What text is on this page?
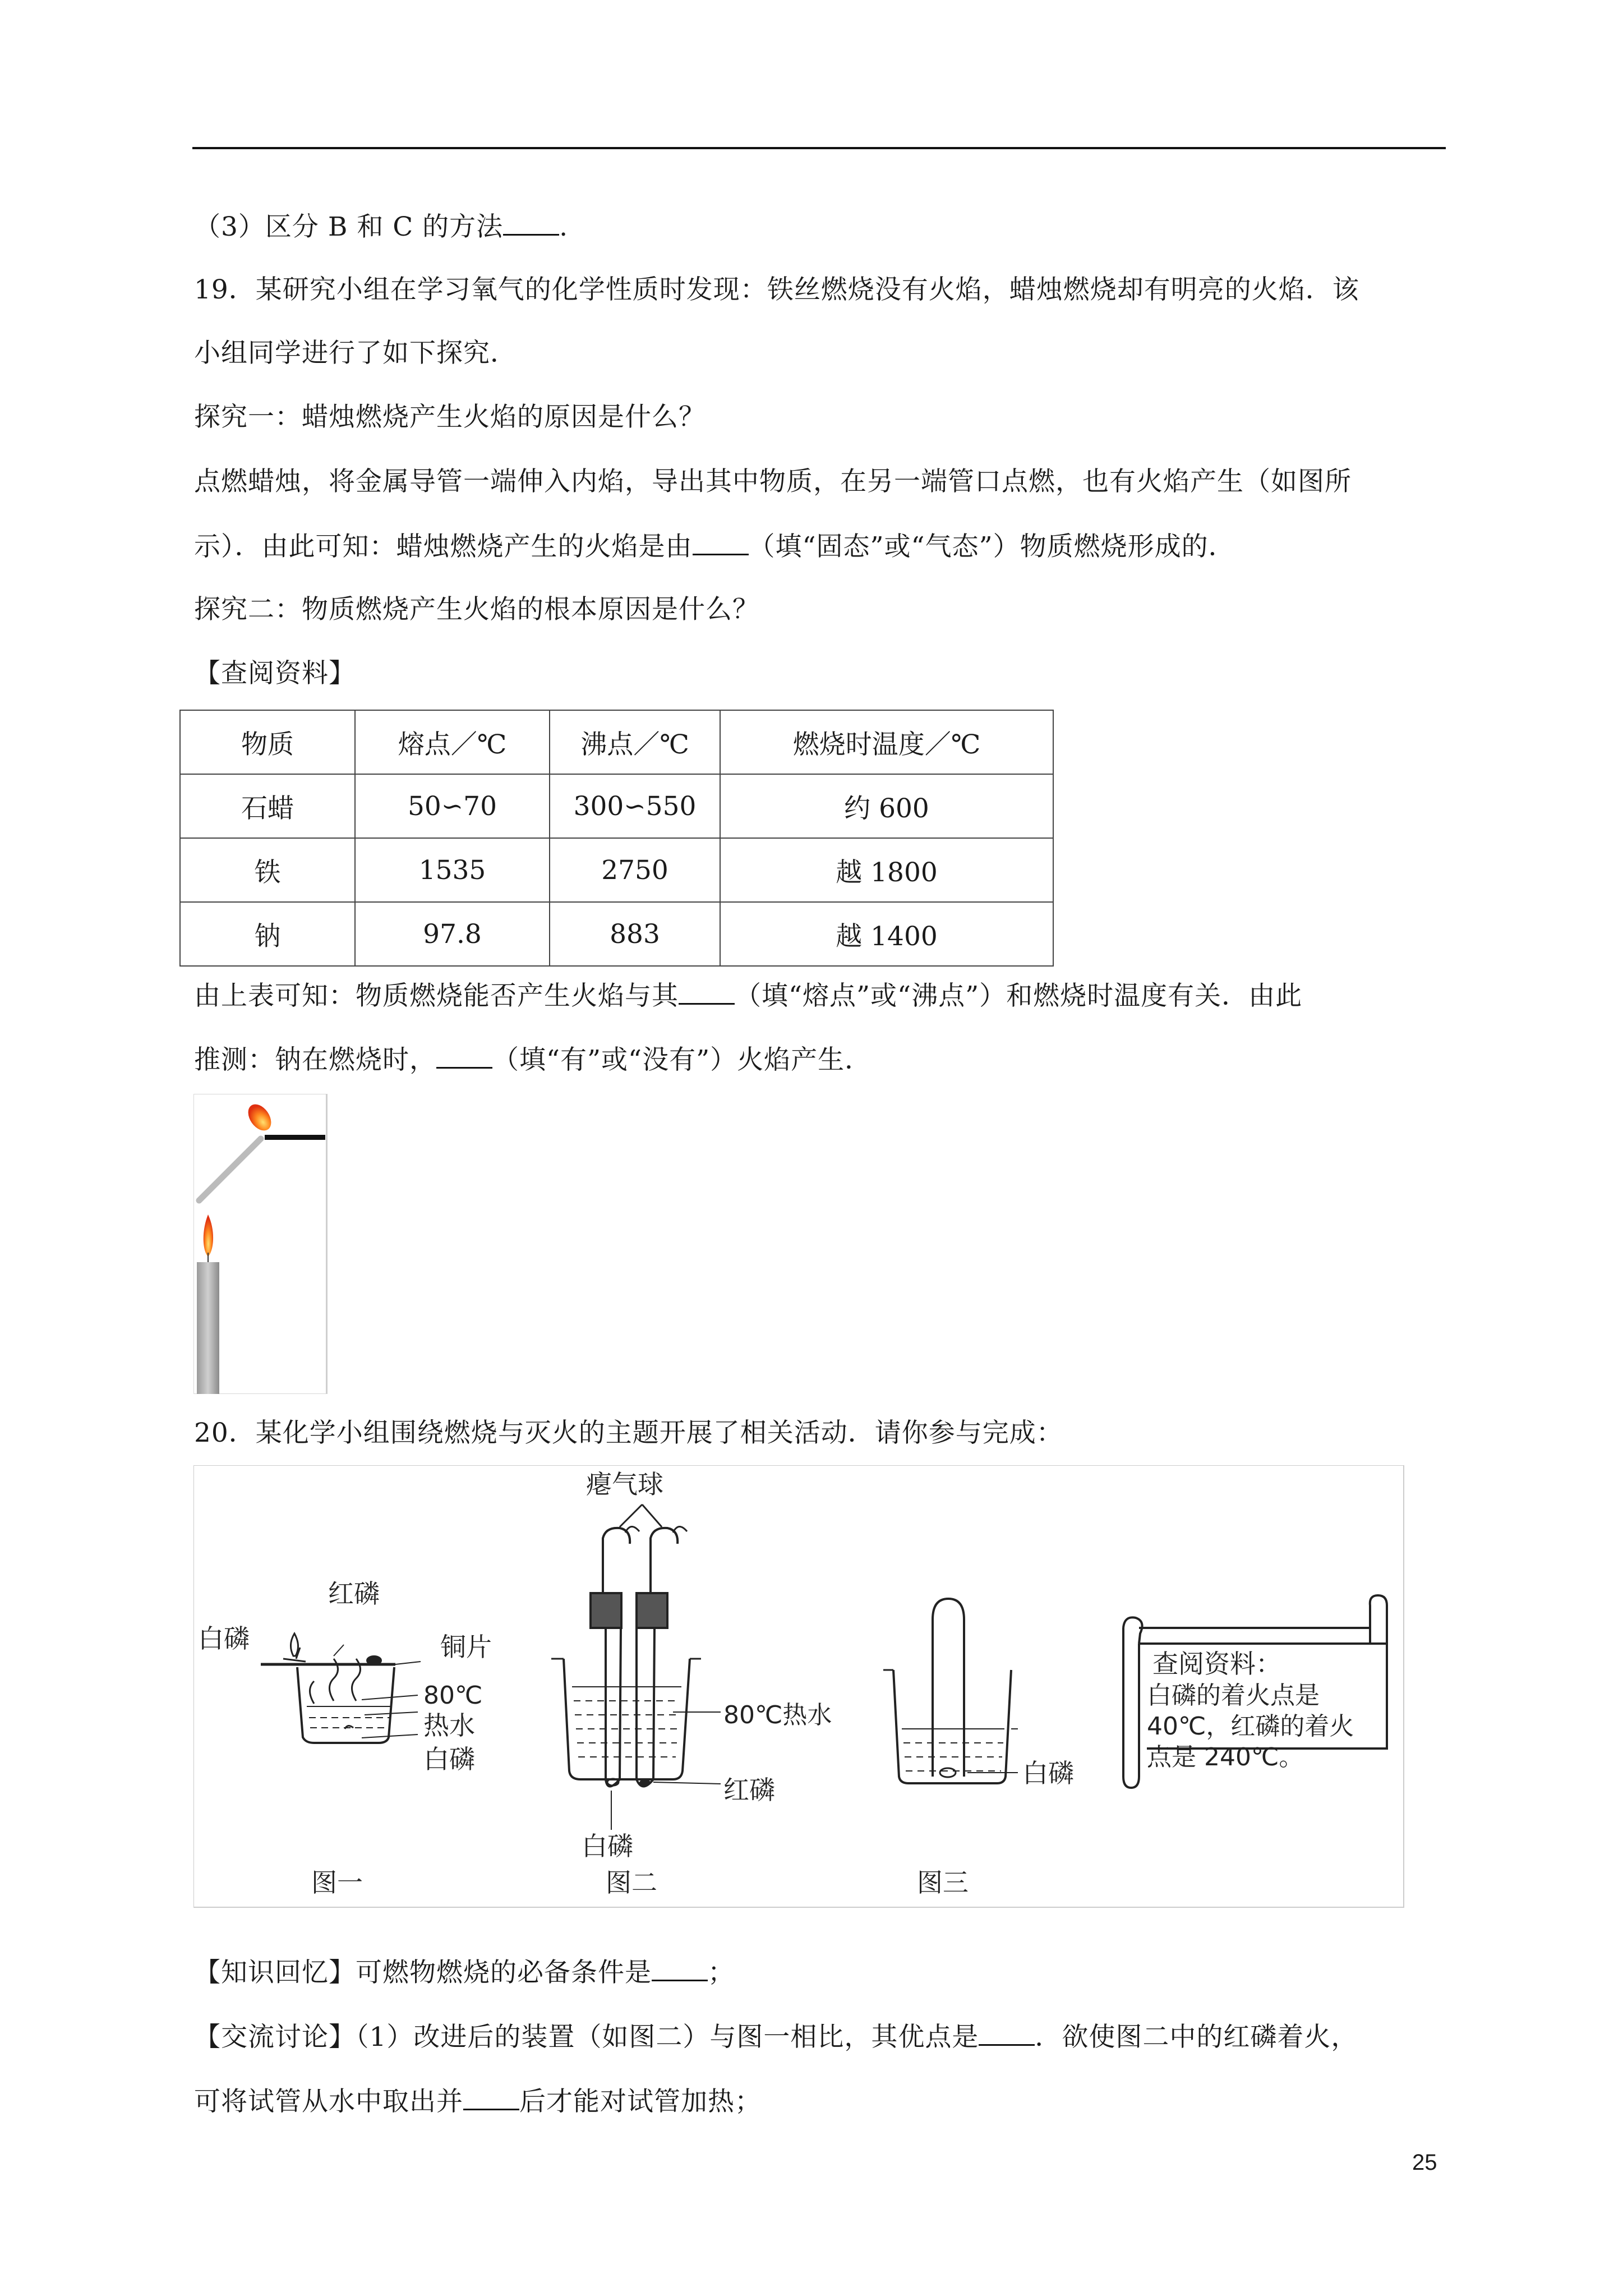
（3）区分 B 和 C 的方法 .
19．某研究小组在学习氧气的化学性质时发现：铁丝燃烧没有火焰，蜡烛燃烧却有明亮的火焰．该
小组同学进行了如下探究．
探究一：蜡烛燃烧产生火焰的原因是什么？
点燃蜡烛，将金属导管一端伸入内焰，导出其中物质，在另一端管口点燃，也有火焰产生（如图所
示）．由此可知：蜡烛燃烧产生的火焰是由 （填“固态”或“气态”）物质燃烧形成的．
探究二：物质燃烧产生火焰的根本原因是什么？
【查阅资料】
物质	熔点／℃	沸点／℃	燃烧时温度／℃
石蜡	50∽70	300∽550	约 600
铁	1535	2750	越 1800
钠	97.8	883	越 1400
由上表可知：物质燃烧能否产生火焰与其 （填“熔点”或“沸点”）和燃烧时温度有关．由此
推测：钠在燃烧时， （填“有”或“没有”）火焰产生．
20．某化学小组围绕燃烧与灭火的主题开展了相关活动．请你参与完成：
红磷
白磷	铜片
80℃
热水
白磷
图一
瘪气球
80℃热水
红磷
白磷
图二
白磷
图三
查阅资料：
白磷的着火点是
40℃，红磷的着火
点是 240℃。
【知识回忆】可燃物燃烧的必备条件是 ；
【交流讨论】（1）改进后的装置（如图二）与图一相比，其优点是 ．欲使图二中的红磷着火，
可将试管从水中取出并 后才能对试管加热；
25
